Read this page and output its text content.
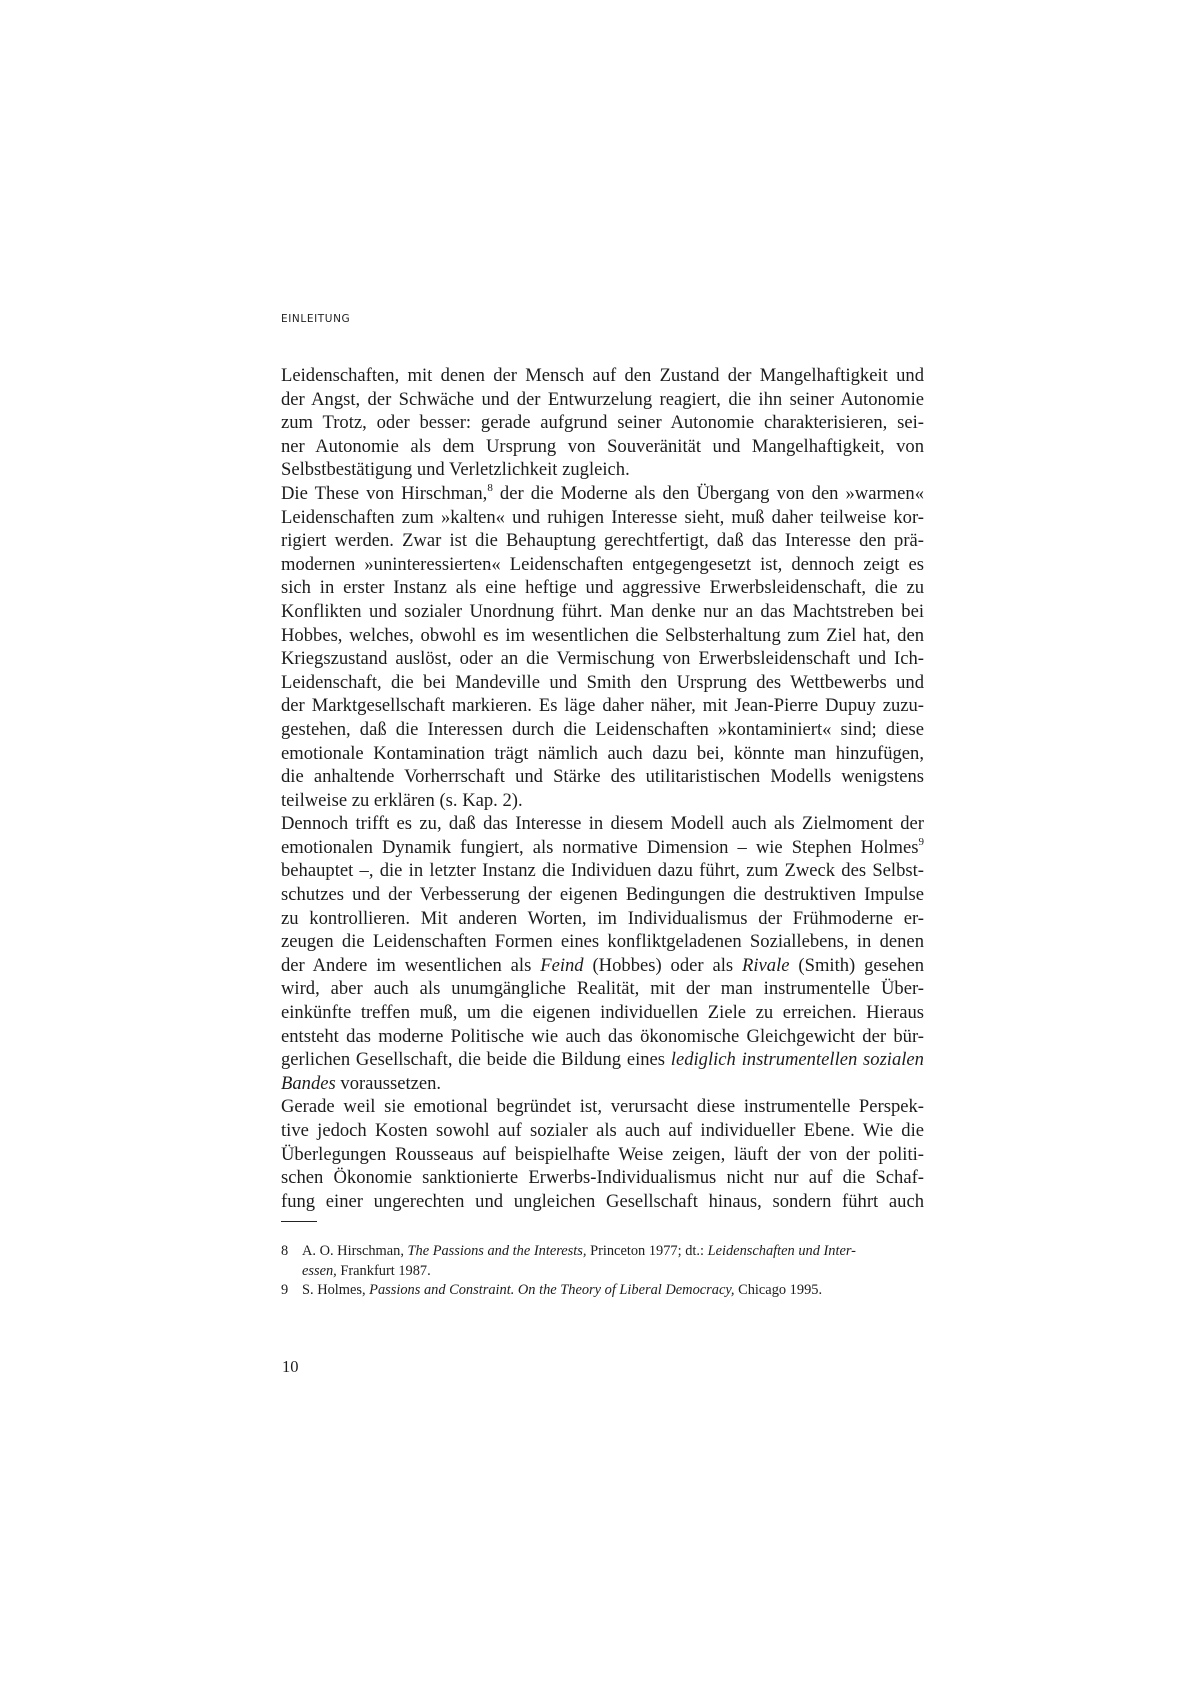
EINLEITUNG
Leidenschaften, mit denen der Mensch auf den Zustand der Mangelhaftigkeit und
der Angst, der Schwäche und der Entwurzelung reagiert, die ihn seiner Autonomie
zum Trotz, oder besser: gerade aufgrund seiner Autonomie charakterisieren, sei-
ner Autonomie als dem Ursprung von Souveränität und Mangelhaftigkeit, von
Selbstbestätigung und Verletzlichkeit zugleich.
Die These von Hirschman,$^8$ der die Moderne als den Übergang von den »warmen«
Leidenschaften zum »kalten« und ruhigen Interesse sieht, muß daher teilweise kor-
rigiert werden. Zwar ist die Behauptung gerechtfertigt, daß das Interesse den prä-
modernen »uninteressierten« Leidenschaften entgegengesetzt ist, dennoch zeigt es
sich in erster Instanz als eine heftige und aggressive Erwerbsleidenschaft, die zu
Konflikten und sozialer Unordnung führt. Man denke nur an das Machtstreben bei
Hobbes, welches, obwohl es im wesentlichen die Selbsterhaltung zum Ziel hat, den
Kriegszustand auslöst, oder an die Vermischung von Erwerbsleidenschaft und Ich-
Leidenschaft, die bei Mandeville und Smith den Ursprung des Wettbewerbs und
der Marktgesellschaft markieren. Es läge daher näher, mit Jean-Pierre Dupuy zuzu-
gestehen, daß die Interessen durch die Leidenschaften »kontaminiert« sind; diese
emotionale Kontamination trägt nämlich auch dazu bei, könnte man hinzufügen,
die anhaltende Vorherrschaft und Stärke des utilitaristischen Modells wenigstens
teilweise zu erklären (s. Kap. 2).
Dennoch trifft es zu, daß das Interesse in diesem Modell auch als Zielmoment der
emotionalen Dynamik fungiert, als normative Dimension – wie Stephen Holmes$^9$
behauptet –, die in letzter Instanz die Individuen dazu führt, zum Zweck des Selbst-
schutzes und der Verbesserung der eigenen Bedingungen die destruktiven Impulse
zu kontrollieren. Mit anderen Worten, im Individualismus der Frühmoderne er-
zeugen die Leidenschaften Formen eines konfliktgeladenen Soziallebens, in denen
der Andere im wesentlichen als Feind (Hobbes) oder als Rivale (Smith) gesehen
wird, aber auch als unumgängliche Realität, mit der man instrumentelle Über-
einkünfte treffen muß, um die eigenen individuellen Ziele zu erreichen. Hieraus
entsteht das moderne Politische wie auch das ökonomische Gleichgewicht der bür-
gerlichen Gesellschaft, die beide die Bildung eines lediglich instrumentellen sozialen
Bandes voraussetzen.
Gerade weil sie emotional begründet ist, verursacht diese instrumentelle Perspek-
tive jedoch Kosten sowohl auf sozialer als auch auf individueller Ebene. Wie die
Überlegungen Rousseaus auf beispielhafte Weise zeigen, läuft der von der politi-
schen Ökonomie sanktionierte Erwerbs-Individualismus nicht nur auf die Schaf-
fung einer ungerechten und ungleichen Gesellschaft hinaus, sondern führt auch

8 A. O. Hirschman, The Passions and the Interests, Princeton 1977; dt.: Leidenschaften und Inter-
essen, Frankfurt 1987.

9 S. Holmes, Passions and Constraint. On the Theory of Liberal Democracy, Chicago 1995.

10
